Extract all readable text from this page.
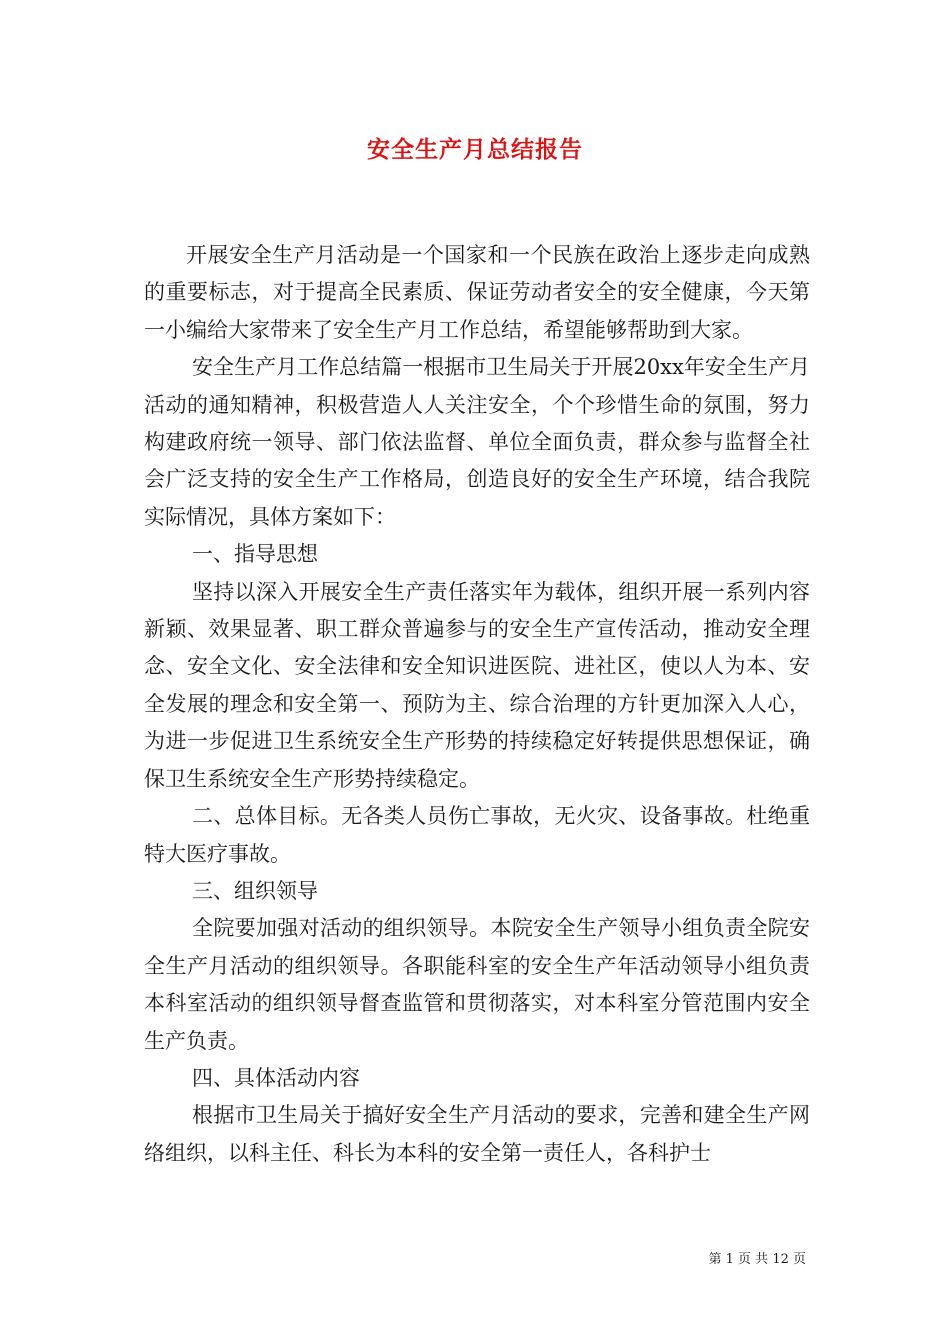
安全生产月总结报告

开展安全生产月活动是一个国家和一个民族在政治上逐步走向成熟的重要标志，对于提高全民素质、保证劳动者安全的安全健康，今天第一小编给大家带来了安全生产月工作总结，希望能够帮助到大家。

安全生产月工作总结篇一根据市卫生局关于开展20xx年安全生产月活动的通知精神，积极营造人人关注安全，个个珍惜生命的氛围，努力构建政府统一领导、部门依法监督、单位全面负责，群众参与监督全社会广泛支持的安全生产工作格局，创造良好的安全生产环境，结合我院实际情况，具体方案如下：

一、指导思想

坚持以深入开展安全生产责任落实年为载体，组织开展一系列内容新颖、效果显著、职工群众普遍参与的安全生产宣传活动，推动安全理念、安全文化、安全法律和安全知识进医院、进社区，使以人为本、安全发展的理念和安全第一、预防为主、综合治理的方针更加深入人心，为进一步促进卫生系统安全生产形势的持续稳定好转提供思想保证，确保卫生系统安全生产形势持续稳定。

二、总体目标。无各类人员伤亡事故，无火灾、设备事故。杜绝重特大医疗事故。

三、组织领导

全院要加强对活动的组织领导。本院安全生产领导小组负责全院安全生产月活动的组织领导。各职能科室的安全生产年活动领导小组负责本科室活动的组织领导督查监管和贯彻落实，对本科室分管范围内安全生产负责。

四、具体活动内容

根据市卫生局关于搞好安全生产月活动的要求，完善和建全生产网络组织，以科主任、科长为本科的安全第一责任人，各科护士

第 1 页 共 12 页
